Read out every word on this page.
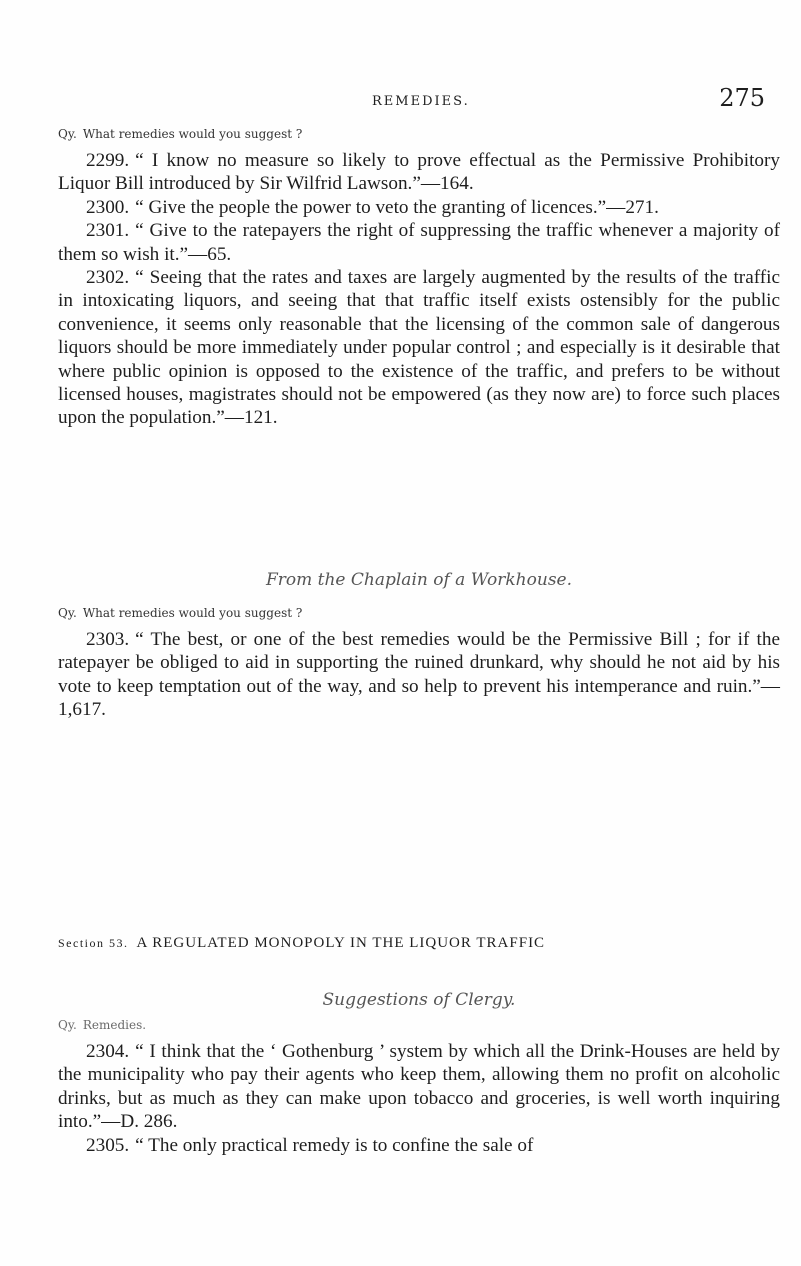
REMEDIES.	275

Qy. What remedies would you suggest ?

2299. “ I know no measure so likely to prove effectual as the Permissive Prohibitory Liquor Bill introduced by Sir Wilfrid Lawson.”—164.

2300. “ Give the people the power to veto the granting of licences.”—271.

2301. “ Give to the ratepayers the right of suppressing the traffic whenever a majority of them so wish it.”—65.

2302. “ Seeing that the rates and taxes are largely augmented by the results of the traffic in intoxicating liquors, and seeing that that traffic itself exists ostensibly for the public convenience, it seems only reasonable that the licensing of the common sale of dangerous liquors should be more immediately under popular control ; and especially is it desirable that where public opinion is opposed to the existence of the traffic, and prefers to be without licensed houses, magistrates should not be empowered (as they now are) to force such places upon the population.”—121.

From the Chaplain of a Workhouse.

Qy. What remedies would you suggest ?

2303. “ The best, or one of the best remedies would be the Permissive Bill ; for if the ratepayer be obliged to aid in supporting the ruined drunkard, why should he not aid by his vote to keep temptation out of the way, and so help to prevent his intemperance and ruin.”—1,617.

Section 53. A REGULATED MONOPOLY IN THE LIQUOR TRAFFIC

Suggestions of Clergy.

Qy. Remedies.

2304. “ I think that the ‘ Gothenburg ’ system by which all the Drink-Houses are held by the municipality who pay their agents who keep them, allowing them no profit on alcoholic drinks, but as much as they can make upon tobacco and groceries, is well worth inquiring into.”—D. 286.

2305. “ The only practical remedy is to confine the sale of
